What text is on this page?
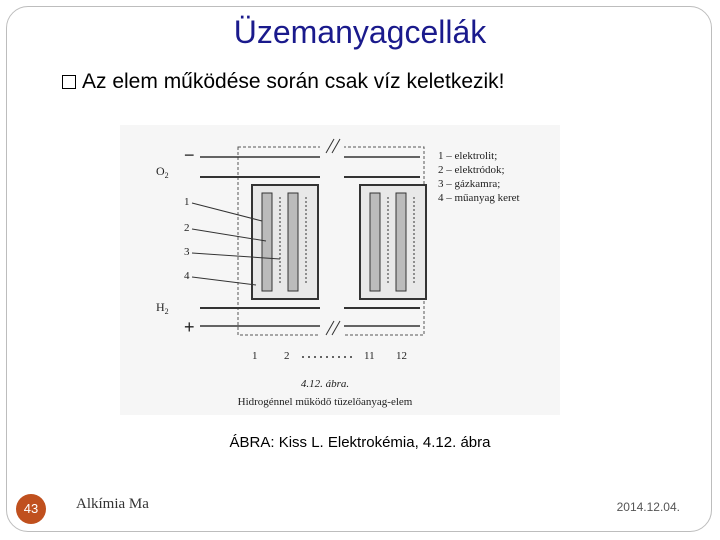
Üzemanyagcellák
Az elem működése során csak víz keletkezik!
$O_2$
$H_2$
−
+
1
2
3
4
1 – elektrolit;
2 – elektródok;
3 – gázkamra;
4 – műanyag keret
1 2	11 12
4.12. ábra.
Hidrogénnel működő tüzelőanyag-elem
ÁBRA: Kiss L. Elektrokémia, 4.12. ábra
43	Alkímia Ma	2014.12.04.
